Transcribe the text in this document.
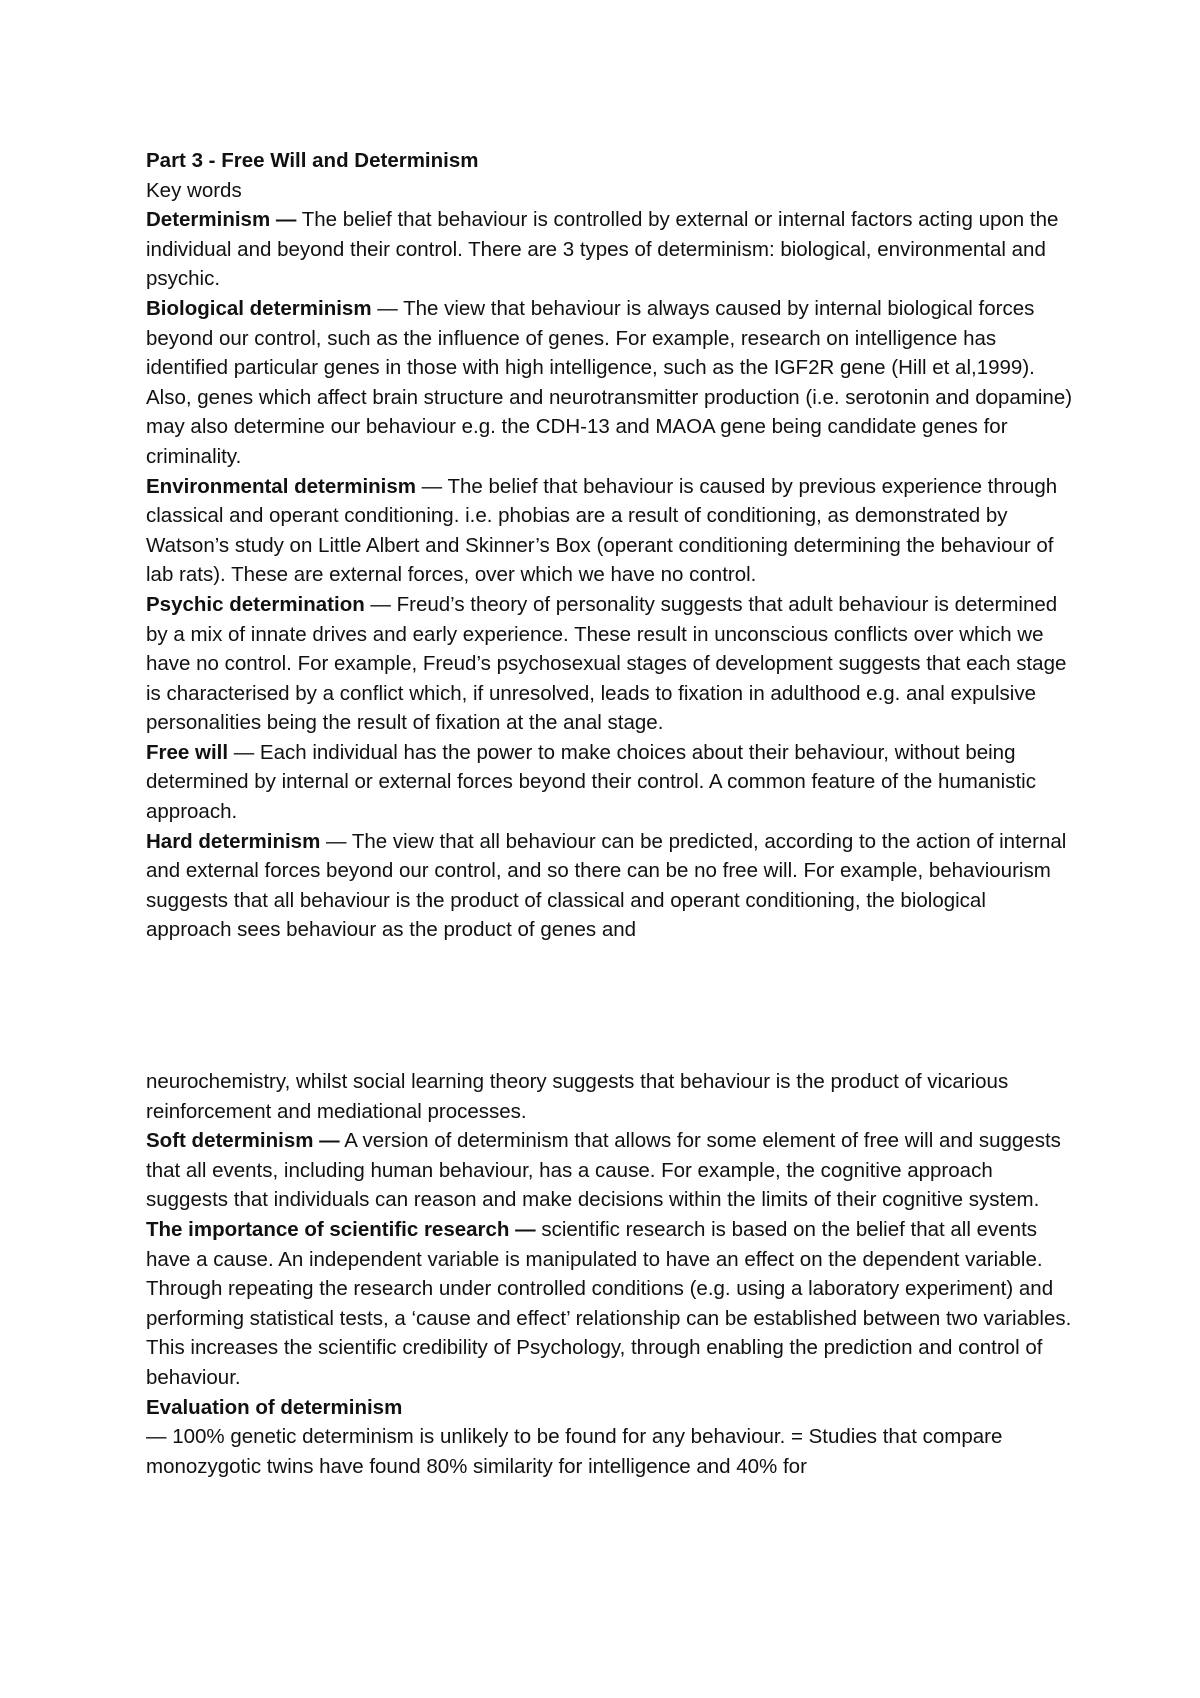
Part 3 - Free Will and Determinism

Key words

Determinism — The belief that behaviour is controlled by external or internal factors acting upon the individual and beyond their control. There are 3 types of determinism: biological, environmental and psychic.

Biological determinism — The view that behaviour is always caused by internal biological forces beyond our control, such as the influence of genes. For example, research on intelligence has identified particular genes in those with high intelligence, such as the IGF2R gene (Hill et al,1999). Also, genes which affect brain structure and neurotransmitter production (i.e. serotonin and dopamine) may also determine our behaviour e.g. the CDH-13 and MAOA gene being candidate genes for criminality.

Environmental determinism — The belief that behaviour is caused by previous experience through classical and operant conditioning. i.e. phobias are a result of conditioning, as demonstrated by Watson’s study on Little Albert and Skinner’s Box (operant conditioning determining the behaviour of lab rats). These are external forces, over which we have no control.

Psychic determination — Freud’s theory of personality suggests that adult behaviour is determined by a mix of innate drives and early experience. These result in unconscious conflicts over which we have no control. For example, Freud’s psychosexual stages of development suggests that each stage is characterised by a conflict which, if unresolved, leads to fixation in adulthood e.g. anal expulsive personalities being the result of fixation at the anal stage.

Free will — Each individual has the power to make choices about their behaviour, without being determined by internal or external forces beyond their control. A common feature of the humanistic approach.

Hard determinism — The view that all behaviour can be predicted, according to the action of internal and external forces beyond our control, and so there can be no free will. For example, behaviourism suggests that all behaviour is the product of classical and operant conditioning, the biological approach sees behaviour as the product of genes and

neurochemistry, whilst social learning theory suggests that behaviour is the product of vicarious reinforcement and mediational processes.

Soft determinism — A version of determinism that allows for some element of free will and suggests that all events, including human behaviour, has a cause. For example, the cognitive approach suggests that individuals can reason and make decisions within the limits of their cognitive system.

The importance of scientific research — scientific research is based on the belief that all events have a cause. An independent variable is manipulated to have an effect on the dependent variable. Through repeating the research under controlled conditions (e.g. using a laboratory experiment) and performing statistical tests, a ‘cause and effect’ relationship can be established between two variables. This increases the scientific credibility of Psychology, through enabling the prediction and control of behaviour.

Evaluation of determinism

— 100% genetic determinism is unlikely to be found for any behaviour. = Studies that compare monozygotic twins have found 80% similarity for intelligence and 40% for
